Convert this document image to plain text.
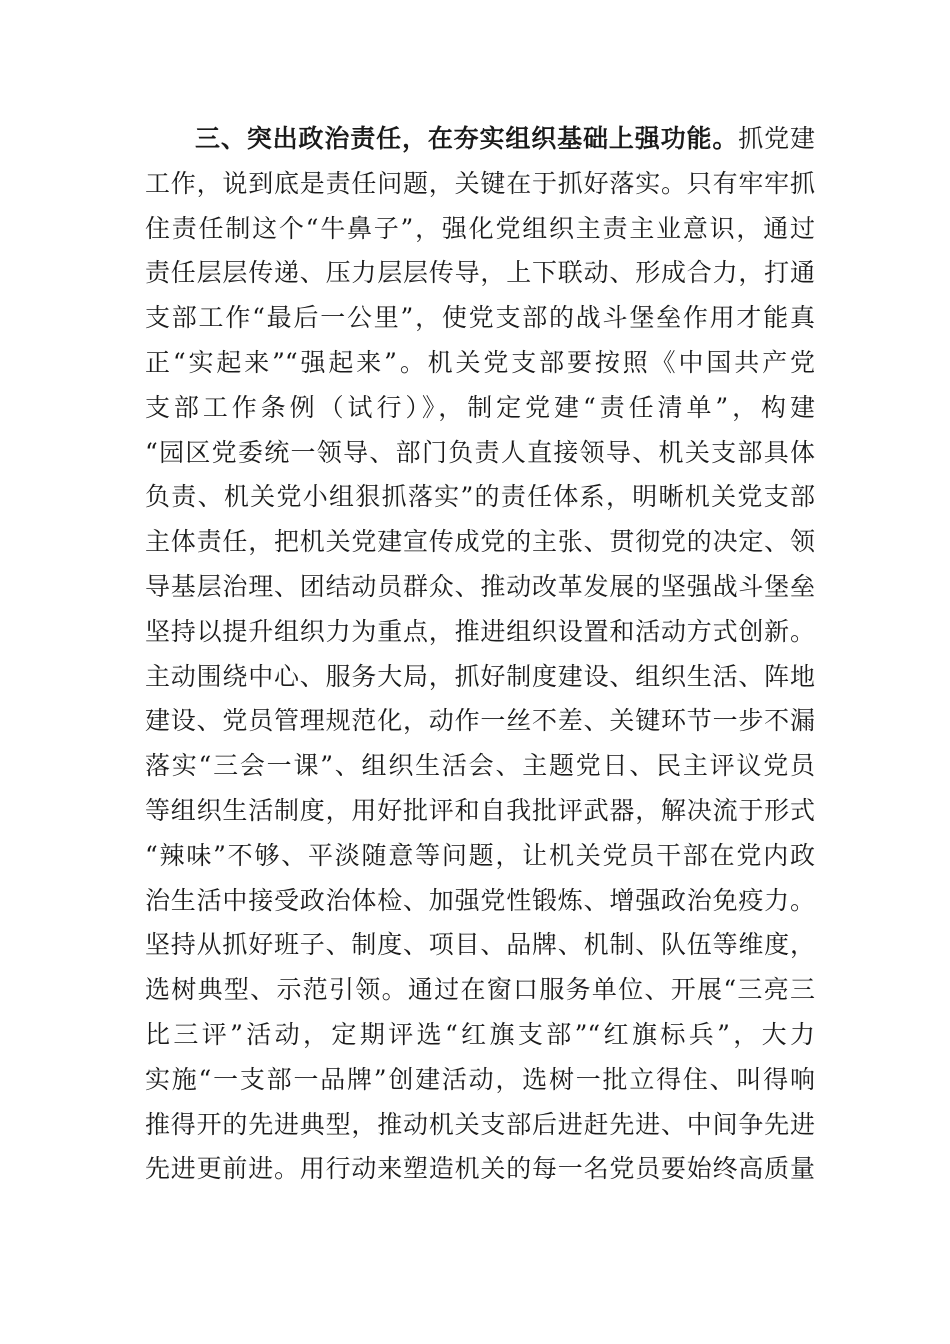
三、突出政治责任，在夯实组织基础上强功能。抓党建
工作，说到底是责任问题，关键在于抓好落实。只有牢牢抓
住责任制这个“牛鼻子”，强化党组织主责主业意识，通过
责任层层传递、压力层层传导，上下联动、形成合力，打通
支部工作“最后一公里”，使党支部的战斗堡垒作用才能真
正“实起来”“强起来”。机关党支部要按照《中国共产党
支部工作条例（试行）》，制定党建“责任清单”，构建
“园区党委统一领导、部门负责人直接领导、机关支部具体
负责、机关党小组狠抓落实”的责任体系，明晰机关党支部
主体责任，把机关党建宣传成党的主张、贯彻党的决定、领
导基层治理、团结动员群众、推动改革发展的坚强战斗堡垒
坚持以提升组织力为重点，推进组织设置和活动方式创新。
主动围绕中心、服务大局，抓好制度建设、组织生活、阵地
建设、党员管理规范化，动作一丝不差、关键环节一步不漏
落实“三会一课”、组织生活会、主题党日、民主评议党员
等组织生活制度，用好批评和自我批评武器，解决流于形式
“辣味”不够、平淡随意等问题，让机关党员干部在党内政
治生活中接受政治体检、加强党性锻炼、增强政治免疫力。
坚持从抓好班子、制度、项目、品牌、机制、队伍等维度，
选树典型、示范引领。通过在窗口服务单位、开展“三亮三
比三评”活动，定期评选“红旗支部”“红旗标兵”，大力
实施“一支部一品牌”创建活动，选树一批立得住、叫得响
推得开的先进典型，推动机关支部后进赶先进、中间争先进
先进更前进。用行动来塑造机关的每一名党员要始终高质量
